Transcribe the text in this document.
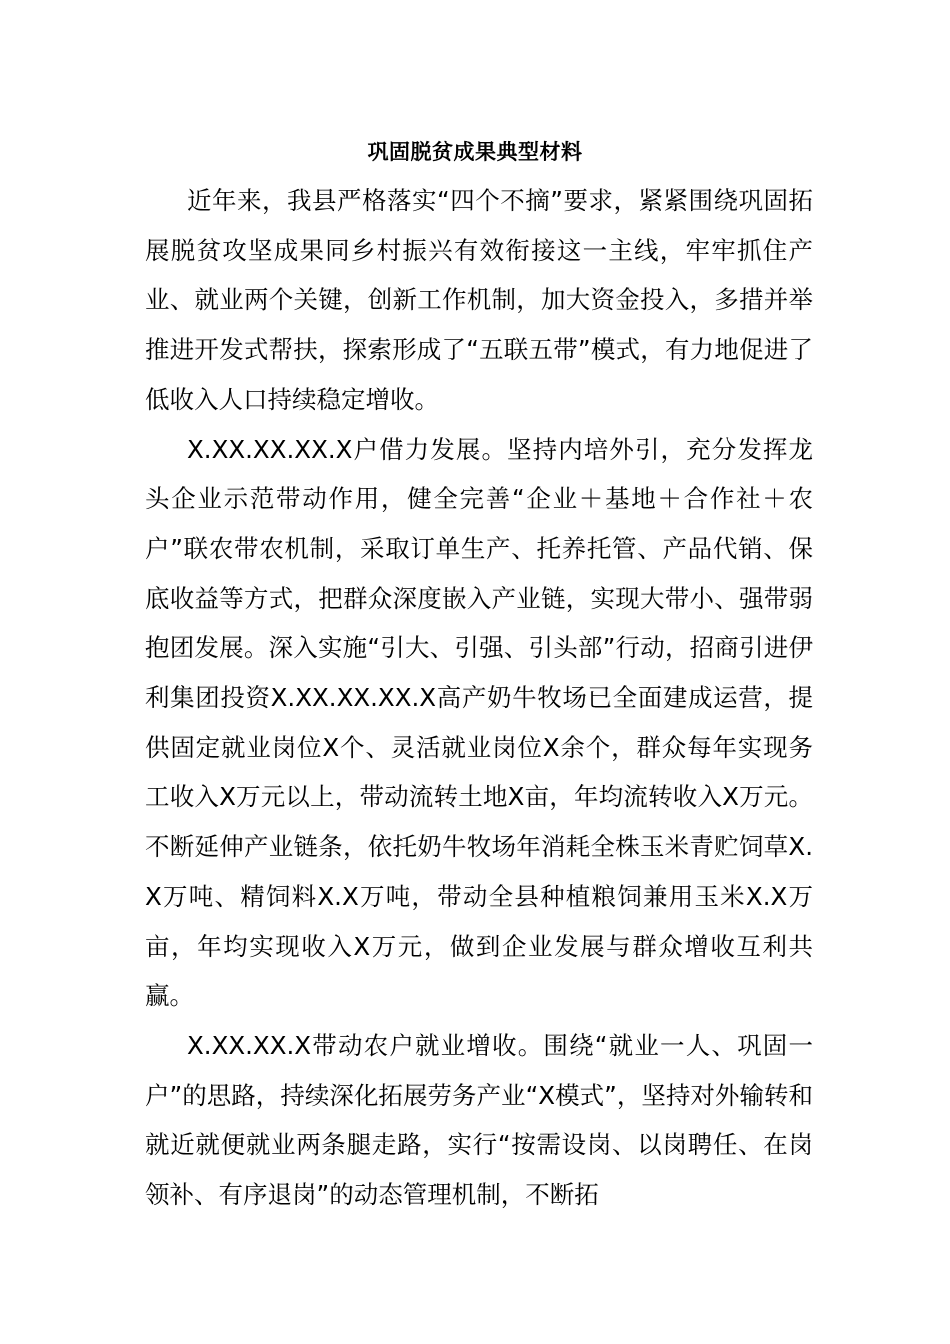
巩固脱贫成果典型材料

近年来，我县严格落实“四个不摘”要求，紧紧围绕巩固拓展脱贫攻坚成果同乡村振兴有效衔接这一主线，牢牢抓住产业、就业两个关键，创新工作机制，加大资金投入，多措并举推进开发式帮扶，探索形成了“五联五带”模式，有力地促进了低收入人口持续稳定增收。

X.XX.XX.XX.X户借力发展。坚持内培外引，充分发挥龙头企业示范带动作用，健全完善“企业＋基地＋合作社＋农户”联农带农机制，采取订单生产、托养托管、产品代销、保底收益等方式，把群众深度嵌入产业链，实现大带小、强带弱抱团发展。深入实施“引大、引强、引头部”行动，招商引进伊利集团投资X.XX.XX.XX.X高产奶牛牧场已全面建成运营，提供固定就业岗位X个、灵活就业岗位X余个，群众每年实现务工收入X万元以上，带动流转土地X亩，年均流转收入X万元。不断延伸产业链条，依托奶牛牧场年消耗全株玉米青贮饲草X.X万吨、精饲料X.X万吨，带动全县种植粮饲兼用玉米X.X万亩，年均实现收入X万元，做到企业发展与群众增收互利共赢。

X.XX.XX.X带动农户就业增收。围绕“就业一人、巩固一户”的思路，持续深化拓展劳务产业“X模式”，坚持对外输转和就近就便就业两条腿走路，实行“按需设岗、以岗聘任、在岗领补、有序退岗”的动态管理机制，不断拓
